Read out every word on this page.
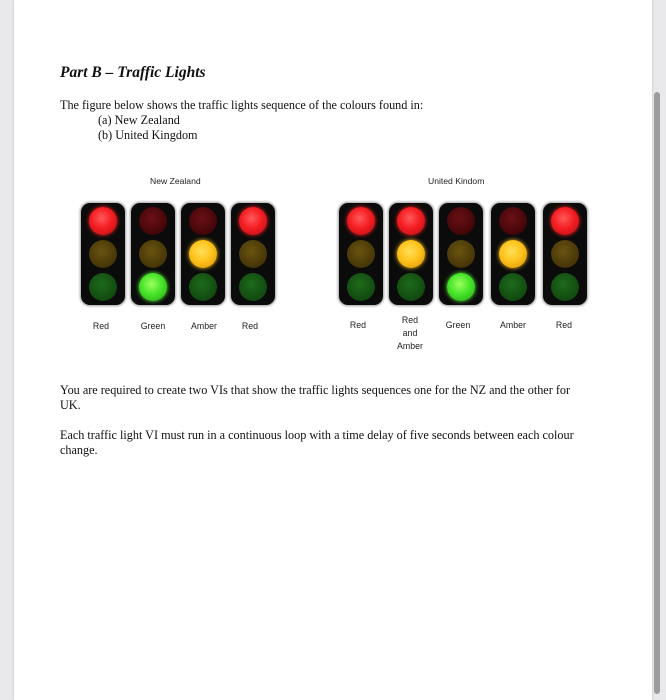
Part B – Traffic Lights
The figure below shows the traffic lights sequence of the colours found in:
(a) New Zealand
(b) United Kingdom
New Zealand	United Kindom
Red	Green	Amber	Red	Red	Red
and
Amber
Green	Amber	Red
You are required to create two VIs that show the traffic lights sequences one for the NZ and the other for UK.
Each traffic light VI must run in a continuous loop with a time delay of five seconds between each colour change.
